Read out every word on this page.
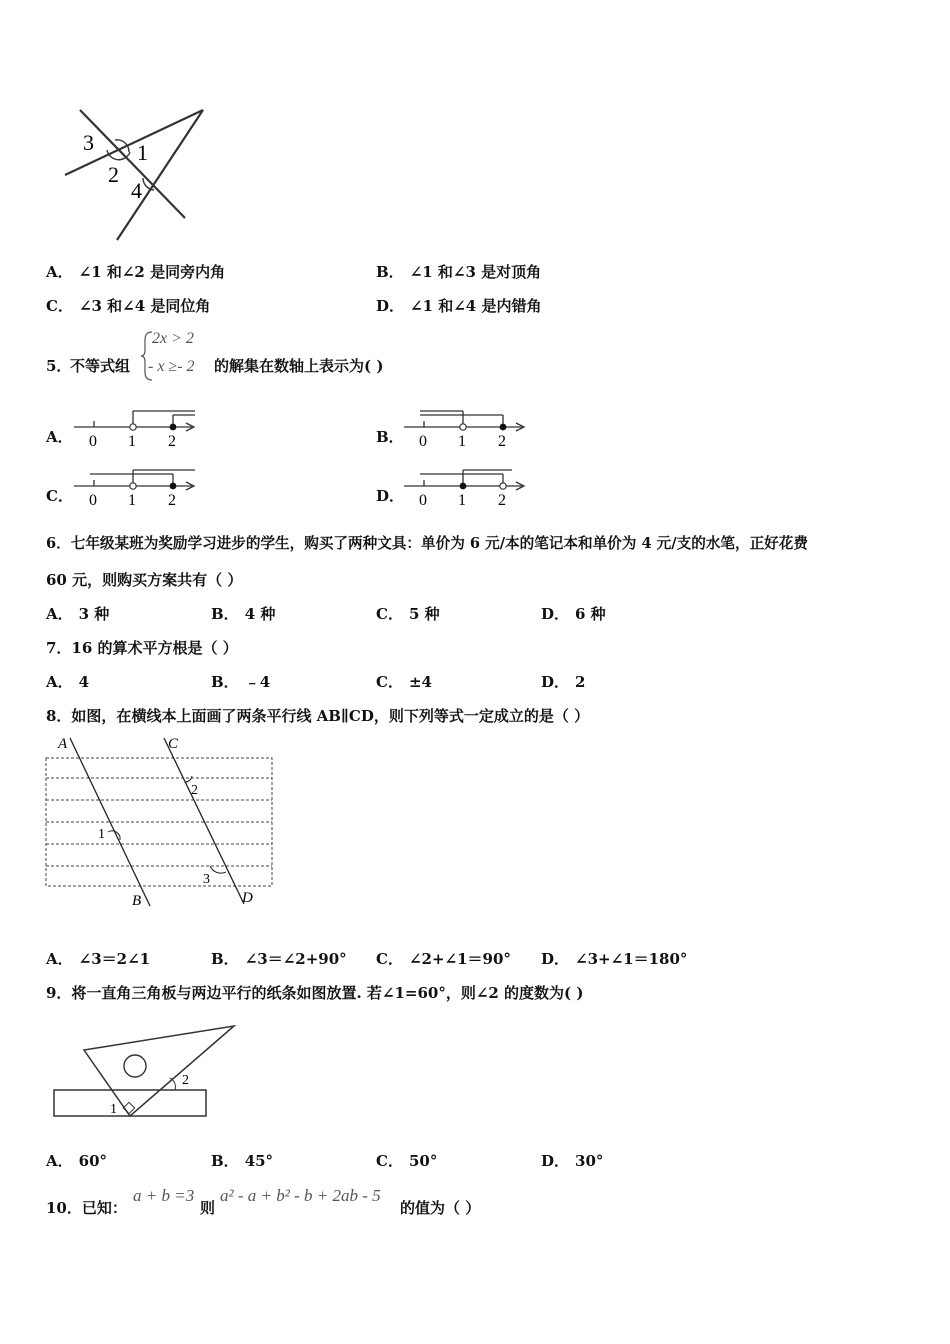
3
2
1
4
A． ∠1 和∠2 是同旁内角	B． ∠1 和∠3 是对顶角
C． ∠3 和∠4 是同位角	D． ∠1 和∠4 是内错角
5．
不等式组
2x > 2
- x ≥- 2 的解集在数轴上表示为( )
A． 0 1 2	B． 0 1 2
C． 0 1 2	D． 0 1 2
6．七年级某班为奖励学习进步的学生，购买了两种文具：单价为 6 元/本的笔记本和单价为 4 元/支的水笔，正好花费
60 元，则购买方案共有（ ）
A． 3 种	B． 4 种	C． 5 种	D． 6 种
7．16 的算术平方根是（ ）
A． 4	B． ﹣4	C． ±4	D． 2
8．如图，在横线本上面画了两条平行线 AB∥CD，则下列等式一定成立的是（ ）
A
B
C
D
1
2
3
A． ∠3＝2∠1	B． ∠3＝∠2+90° C． ∠2+∠1＝90° D． ∠3+∠1＝180°
9．将一直角三角板与两边平行的纸条如图放置. 若∠1=60°，则∠2 的度数为( )
1
2
A． 60°	B． 45°	C． 50°	D． 30°
10．已知：
a + b =3
则
a² - a + b² - b + 2ab - 5
的值为（ ）
